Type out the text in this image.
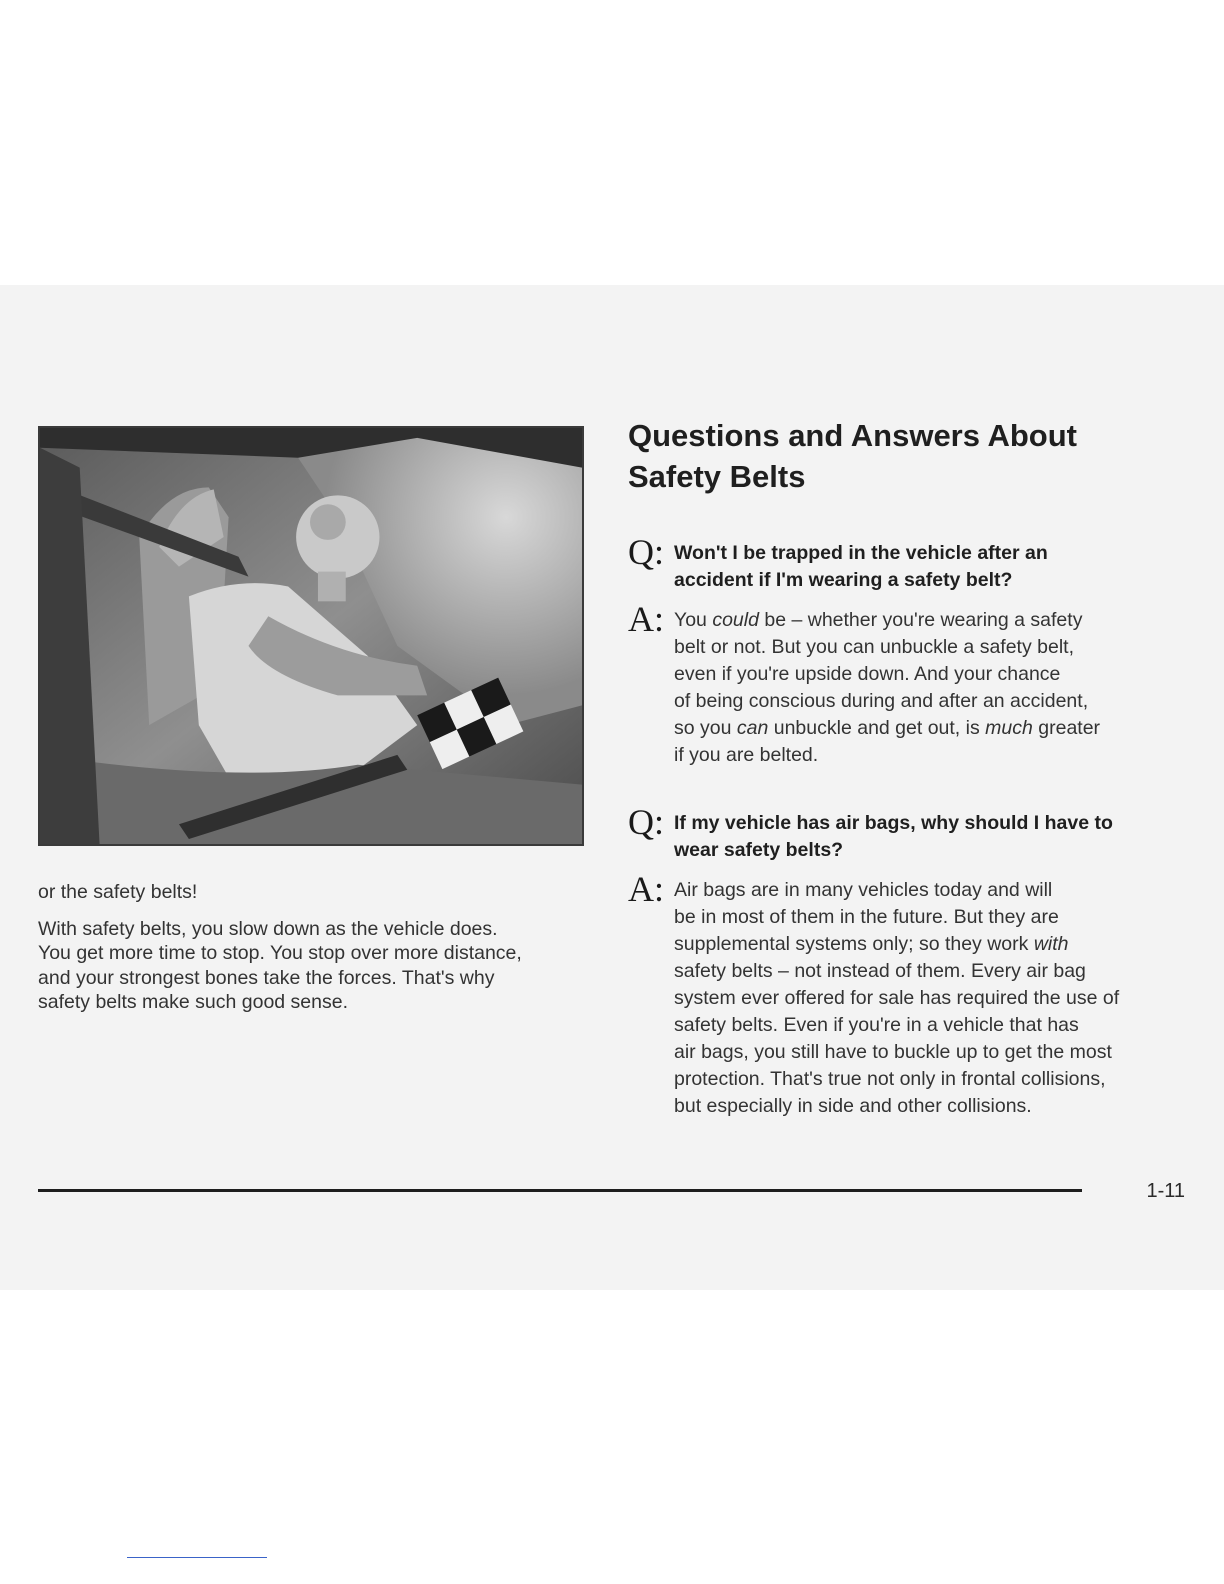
or the safety belts!

With safety belts, you slow down as the vehicle does.
You get more time to stop. You stop over more distance,
and your strongest bones take the forces. That's why
safety belts make such good sense.

Questions and Answers About
Safety Belts
Q: Won't I be trapped in the vehicle after an
accident if I'm wearing a safety belt?
A: You could be – whether you're wearing a safety
belt or not. But you can unbuckle a safety belt,
even if you're upside down. And your chance
of being conscious during and after an accident,
so you can unbuckle and get out, is much greater
if you are belted.
Q: If my vehicle has air bags, why should I have to
wear safety belts?
A: Air bags are in many vehicles today and will
be in most of them in the future. But they are
supplemental systems only; so they work with
safety belts – not instead of them. Every air bag
system ever offered for sale has required the use of
safety belts. Even if you're in a vehicle that has
air bags, you still have to buckle up to get the most
protection. That's true not only in frontal collisions,
but especially in side and other collisions.
1-11
